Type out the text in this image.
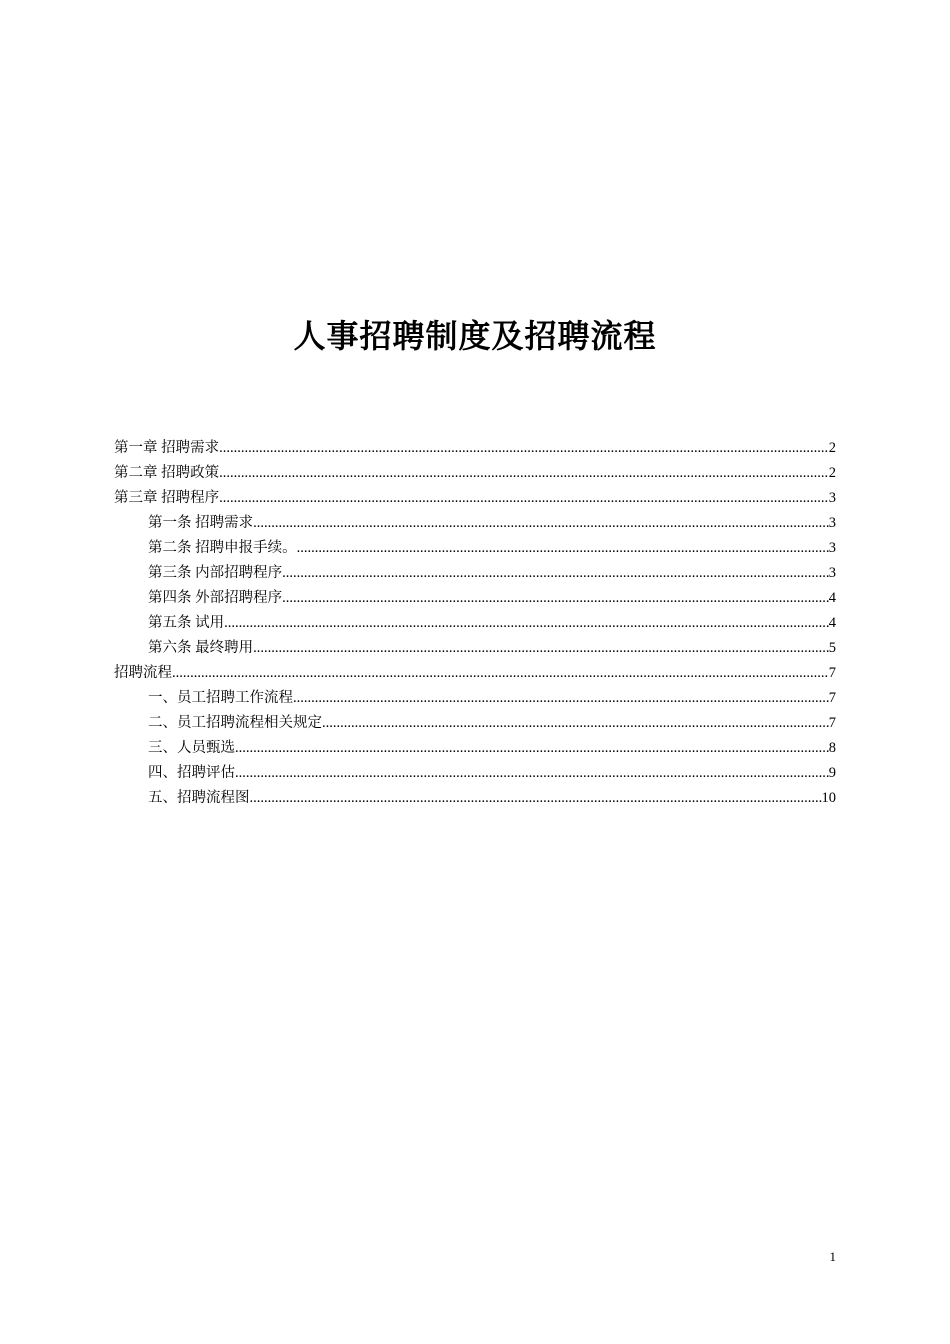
人事招聘制度及招聘流程
第一章 招聘需求 .....	2
第二章 招聘政策 .....	2
第三章 招聘程序 .....	3
第一条 招聘需求 .....	3
第二条 招聘申报手续。 .....	3
第三条 内部招聘程序 .....	3
第四条 外部招聘程序 .....	4
第五条 试用 .....	4
第六条 最终聘用 .....	5
招聘流程 .....	7
一、员工招聘工作流程 .....	7
二、员工招聘流程相关规定 .....	7
三、人员甄选 .....	8
四、招聘评估 .....	9
五、招聘流程图 .....	10
1
